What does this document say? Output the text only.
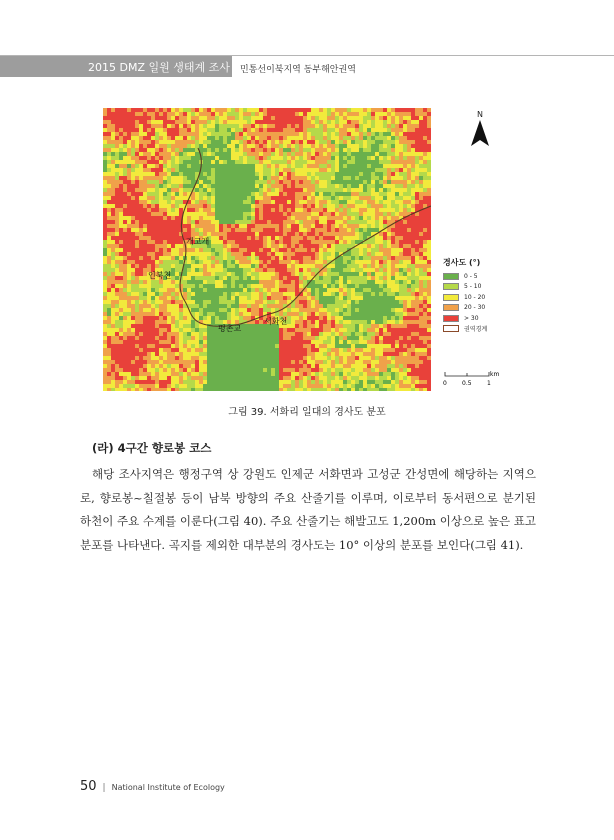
2015 DMZ 일원 생태계 조사 민통선이북지역 동부해안권역
개고개
인북천
평촌교
서화천
N
경사도 (°)
0 - 5
5 - 10
10 - 20
20 - 30
> 30
권역경계
km
0	0.5	1
그림 39. 서화리 일대의 경사도 분포
(라) 4구간 향로봉 코스

해당 조사지역은 행정구역 상 강원도 인제군 서화면과 고성군 간성면에 해당하는 지역으로, 향로봉~칠절봉 등이 남북 방향의 주요 산줄기를 이루며, 이로부터 동서편으로 분기된 하천이 주요 수계를 이룬다(그림 40). 주요 산줄기는 해발고도 1,200m 이상으로 높은 표고분포를 나타낸다. 곡지를 제외한 대부분의 경사도는 10° 이상의 분포를 보인다(그림 41).

50 | National Institute of Ecology
